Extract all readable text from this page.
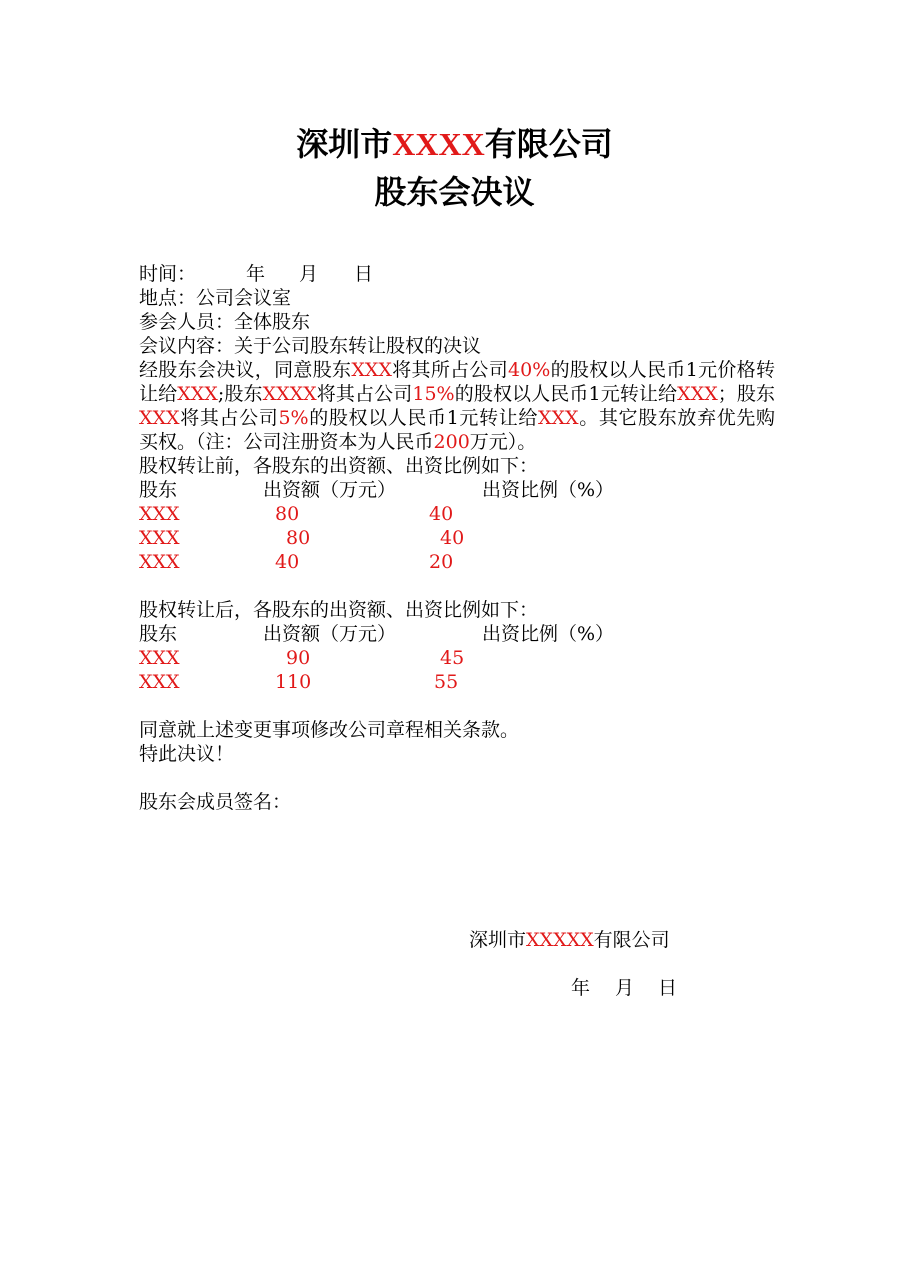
深圳市XXXX有限公司
股东会决议
时间：	年 月 日

地点：公司会议室

参会人员：全体股东

会议内容：关于公司股东转让股权的决议

经股东会决议，同意股东XXX将其所占公司40%的股权以人民币1元价格转让给XXX;股东XXXX将其占公司15%的股权以人民币1元转让给XXX；股东XXX将其占公司5%的股权以人民币1元转让给XXX。其它股东放弃优先购买权。（注：公司注册资本为人民币200万元）。

股权转让前，各股东的出资额、出资比例如下：

股东	出资额（万元）	出资比例（%）
XXX	80	40
XXX	80	40
XXX	40	20

股权转让后，各股东的出资额、出资比例如下：

股东	出资额（万元）	出资比例（%）
XXX	90	45
XXX	110	55

同意就上述变更事项修改公司章程相关条款。

特此决议！

股东会成员签名：

深圳市XXXXX有限公司
年 月 日
